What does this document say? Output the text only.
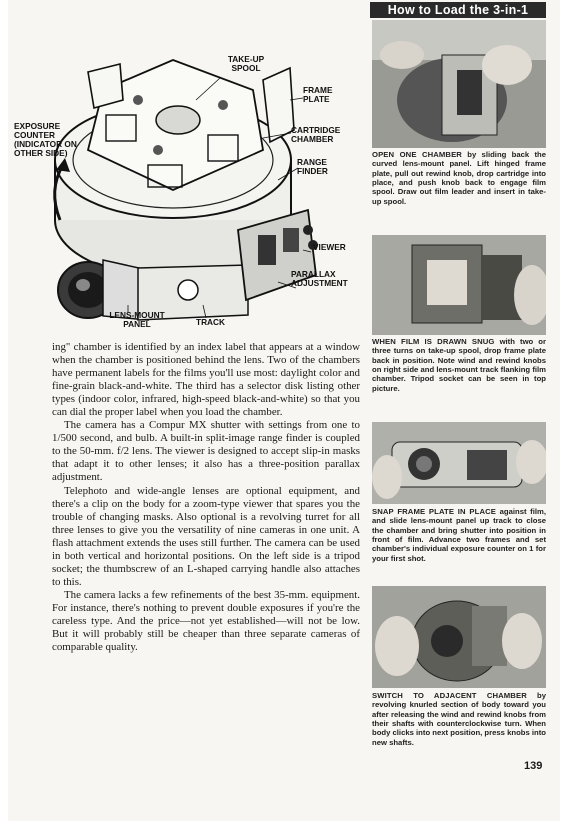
TAKE-UP SPOOL
FRAME PLATE
CARTRIDGE CHAMBER
RANGE FINDER
VIEWER
PARALLAX ADJUSTMENT
TRACK
LENS-MOUNT PANEL
EXPOSURE COUNTER (INDICATOR ON OTHER SIDE)

ing" chamber is identified by an index label that appears at a window when the chamber is positioned behind the lens. Two of the chambers have permanent labels for the films you'll use most: daylight color and fine-grain black-and-white. The third has a selector disk listing other types (indoor color, infrared, high-speed black-and-white) so that you can dial the proper label when you load the chamber.

The camera has a Compur MX shutter with settings from one to 1/500 second, and bulb. A built-in split-image range finder is coupled to the 50-mm. f/2 lens. The viewer is designed to accept slip-in masks that adapt it to other lenses; it also has a three-position parallax adjustment.

Telephoto and wide-angle lenses are optional equipment, and there's a clip on the body for a zoom-type viewer that spares you the trouble of changing masks. Also optional is a revolving turret for all three lenses to give you the versatility of nine cameras in one unit. A flash attachment extends the uses still further. The camera can be used in both vertical and horizontal positions. On the left side is a tripod socket; the thumbscrew of an L-shaped carrying handle also attaches to this.

The camera lacks a few refinements of the best 35-mm. equipment. For instance, there's nothing to prevent double exposures if you're the careless type. And the price—not yet established—will not be low. But it will probably still be cheaper than three separate cameras of comparable quality.

How to Load the 3-in-1
OPEN ONE CHAMBER by sliding back the curved lens-mount panel. Lift hinged frame plate, pull out rewind knob, drop cartridge into place, and push knob back to engage film spool. Draw out film leader and insert in take-up spool.
WHEN FILM IS DRAWN SNUG with two or three turns on take-up spool, drop frame plate back in position. Note wind and rewind knobs on right side and lens-mount track flanking film chamber. Tripod socket can be seen in top picture.
SNAP FRAME PLATE IN PLACE against film, and slide lens-mount panel up track to close the chamber and bring shutter into position in front of film. Advance two frames and set chamber's individual exposure counter on 1 for your first shot.
SWITCH TO ADJACENT CHAMBER by revolving knurled section of body toward you after releasing the wind and rewind knobs from their shafts with counterclockwise turn. When body clicks into next position, press knobs into new shafts.
139
